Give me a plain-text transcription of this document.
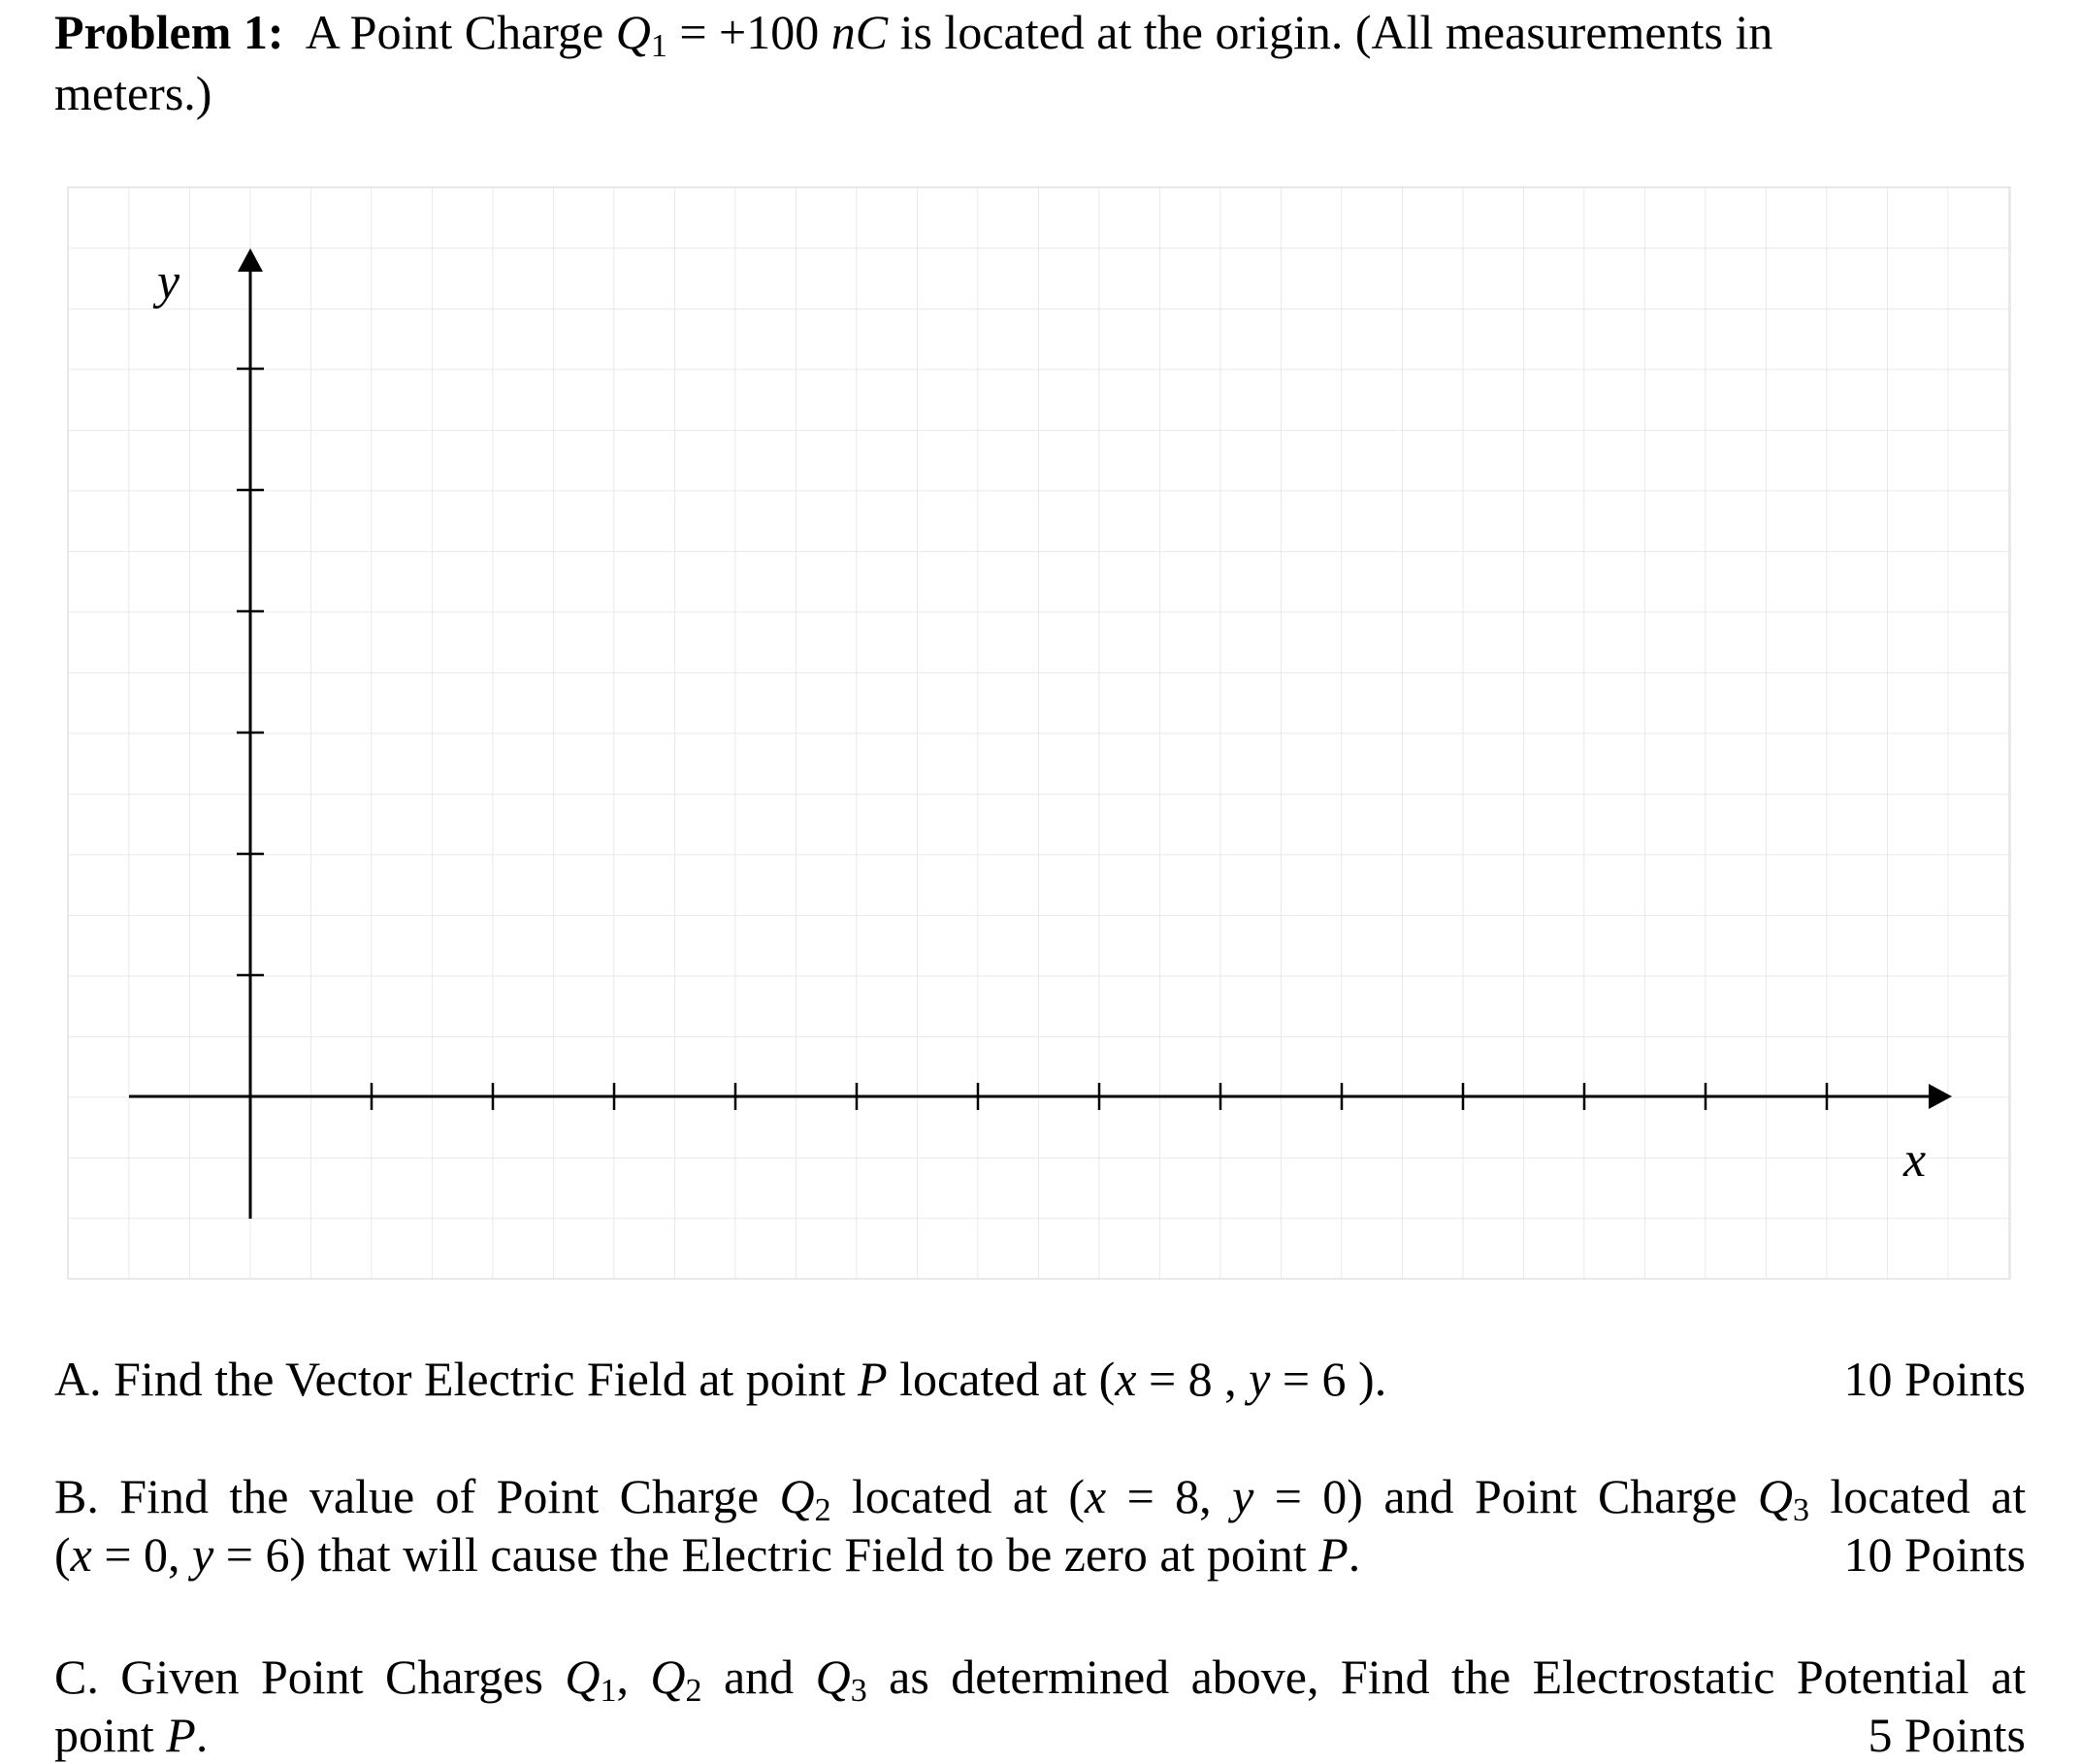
Problem 1: A Point Charge $Q_1 = +100$ nC is located at the origin. (All measurements in
meters.)
y
x
A. Find the Vector Electric Field at point P located at (x = 8 , y = 6 ).	10 Points
B. Find the value of Point Charge $Q_2$ located at (x = 8, y = 0) and Point Charge $Q_3$ located at
(x = 0, y = 6) that will cause the Electric Field to be zero at point P.	10 Points
C. Given Point Charges $Q_1$, $Q_2$ and $Q_3$ as determined above, Find the Electrostatic Potential at
point P.	5 Points
